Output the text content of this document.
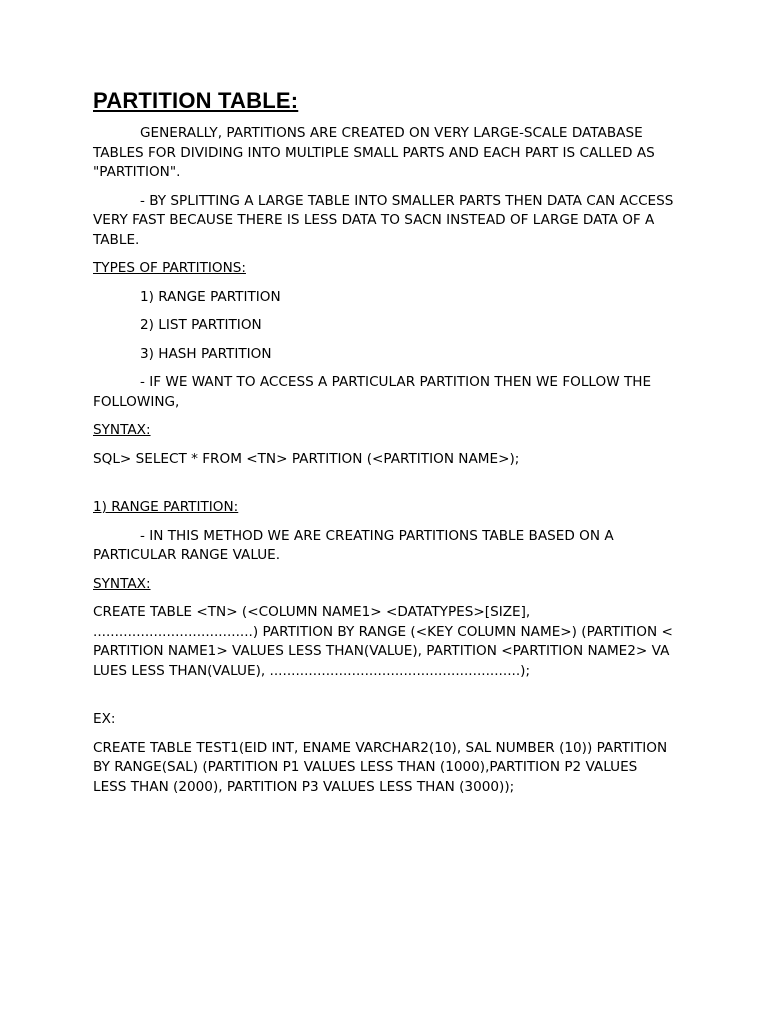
PARTITION TABLE:
GENERALLY, PARTITIONS ARE CREATED ON VERY LARGE-SCALE DATABASE TABLES FOR DIVIDING INTO MULTIPLE SMALL PARTS AND EACH PART IS CALLED AS "PARTITION".
- BY SPLITTING A LARGE TABLE INTO SMALLER PARTS THEN DATA CAN ACCESS VERY FAST BECAUSE THERE IS LESS DATA TO SACN INSTEAD OF LARGE DATA OF A TABLE.
TYPES OF PARTITIONS:
1) RANGE PARTITION
2) LIST PARTITION
3) HASH PARTITION
- IF WE WANT TO ACCESS A PARTICULAR PARTITION THEN WE FOLLOW THE FOLLOWING,
SYNTAX:
SQL> SELECT * FROM <TN> PARTITION (<PARTITION NAME>);
1) RANGE PARTITION:
- IN THIS METHOD WE ARE CREATING PARTITIONS TABLE BASED ON A PARTICULAR RANGE VALUE.
SYNTAX:
CREATE TABLE <TN> (<COLUMN NAME1> <DATATYPES>[SIZE], .....................................) PARTITION BY RANGE (<KEY COLUMN NAME>) (PARTITION <PARTITION NAME1> VALUES LESS THAN(VALUE), PARTITION <PARTITION NAME2> VALUES LESS THAN(VALUE), ..........................................................);
EX:
CREATE TABLE TEST1(EID INT, ENAME VARCHAR2(10), SAL NUMBER (10)) PARTITION BY RANGE(SAL) (PARTITION P1 VALUES LESS THAN (1000),PARTITION P2 VALUES LESS THAN (2000), PARTITION P3 VALUES LESS THAN (3000));
